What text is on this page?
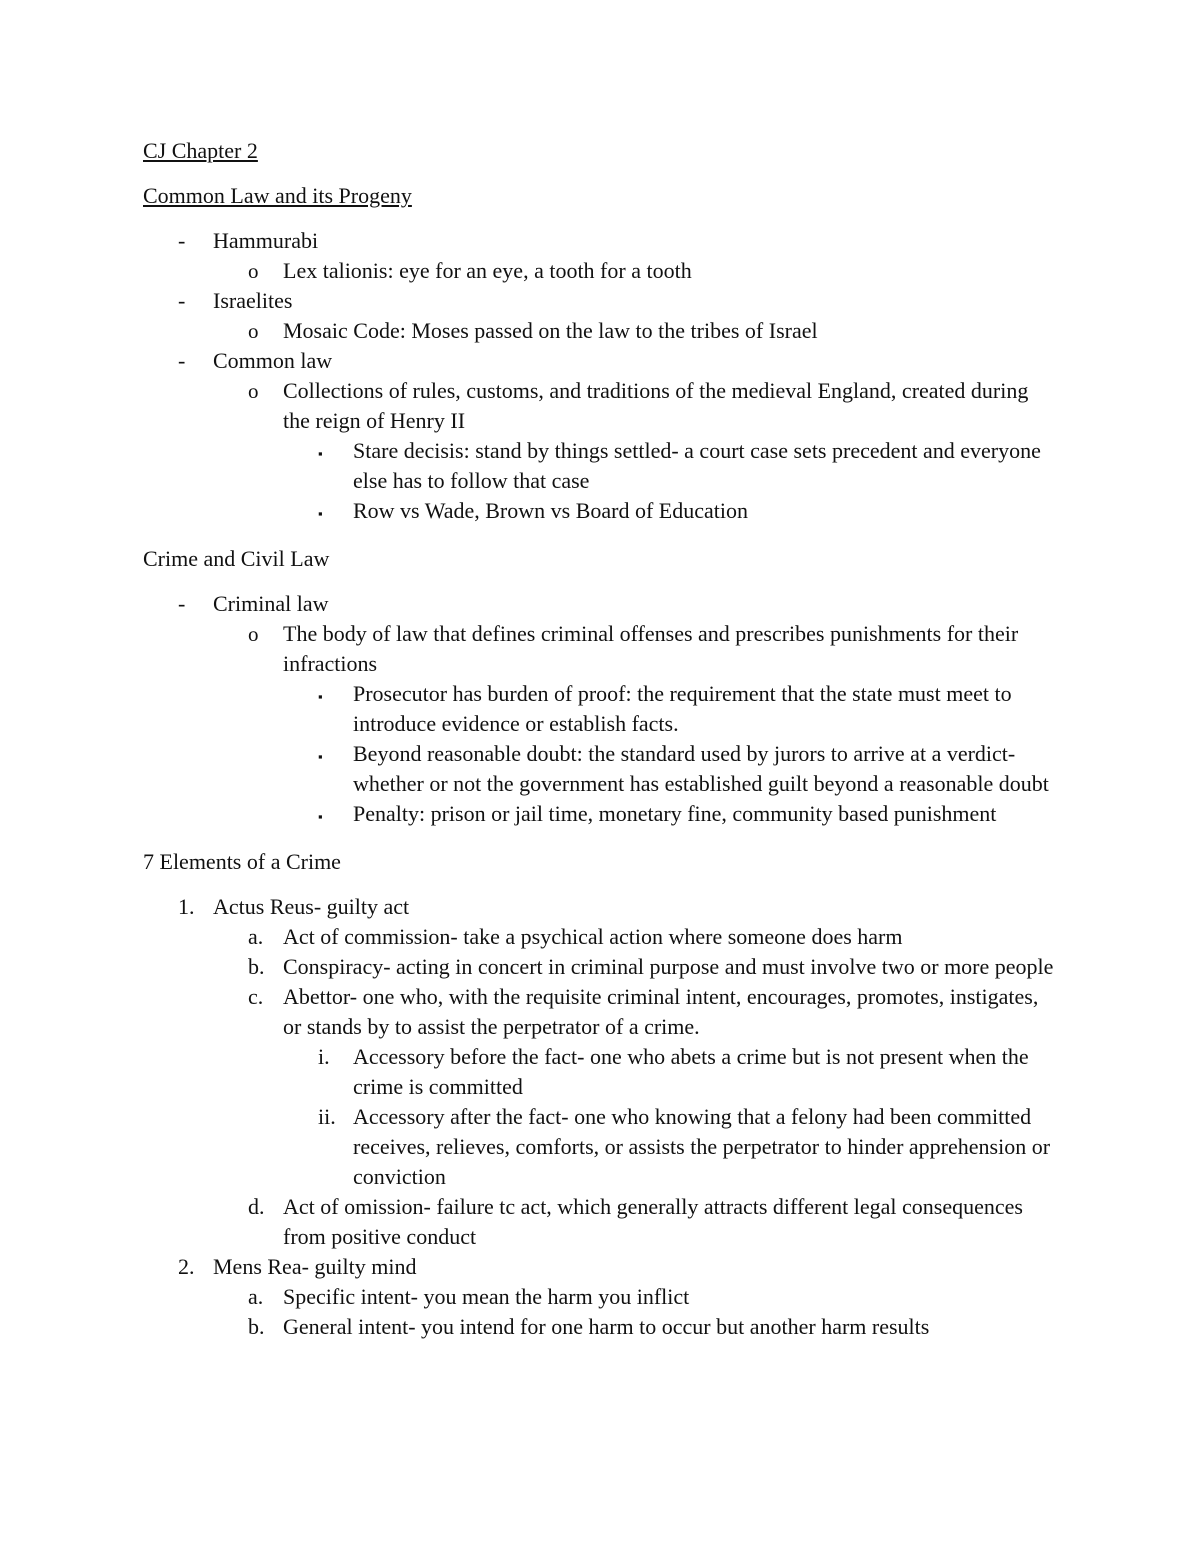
CJ Chapter 2
Common Law and its Progeny
-	Hammurabi
o	Lex talionis: eye for an eye, a tooth for a tooth
-	Israelites
o	Mosaic Code: Moses passed on the law to the tribes of Israel
-	Common law
o	Collections of rules, customs, and traditions of the medieval England, created during the reign of Henry II
▪	Stare decisis: stand by things settled- a court case sets precedent and everyone else has to follow that case
▪	Row vs Wade, Brown vs Board of Education
Crime and Civil Law
-	Criminal law
o	The body of law that defines criminal offenses and prescribes punishments for their infractions
▪	Prosecutor has burden of proof: the requirement that the state must meet to introduce evidence or establish facts.
▪	Beyond reasonable doubt: the standard used by jurors to arrive at a verdict- whether or not the government has established guilt beyond a reasonable doubt
▪	Penalty: prison or jail time, monetary fine, community based punishment
7 Elements of a Crime
1. Actus Reus- guilty act
a. Act of commission- take a psychical action where someone does harm
b. Conspiracy- acting in concert in criminal purpose and must involve two or more people
c. Abettor- one who, with the requisite criminal intent, encourages, promotes, instigates, or stands by to assist the perpetrator of a crime.
i.	Accessory before the fact- one who abets a crime but is not present when the crime is committed
ii. Accessory after the fact- one who knowing that a felony had been committed receives, relieves, comforts, or assists the perpetrator to hinder apprehension or conviction
d. Act of omission- failure tc act, which generally attracts different legal consequences from positive conduct
2. Mens Rea- guilty mind
a. Specific intent- you mean the harm you inflict
b. General intent- you intend for one harm to occur but another harm results
